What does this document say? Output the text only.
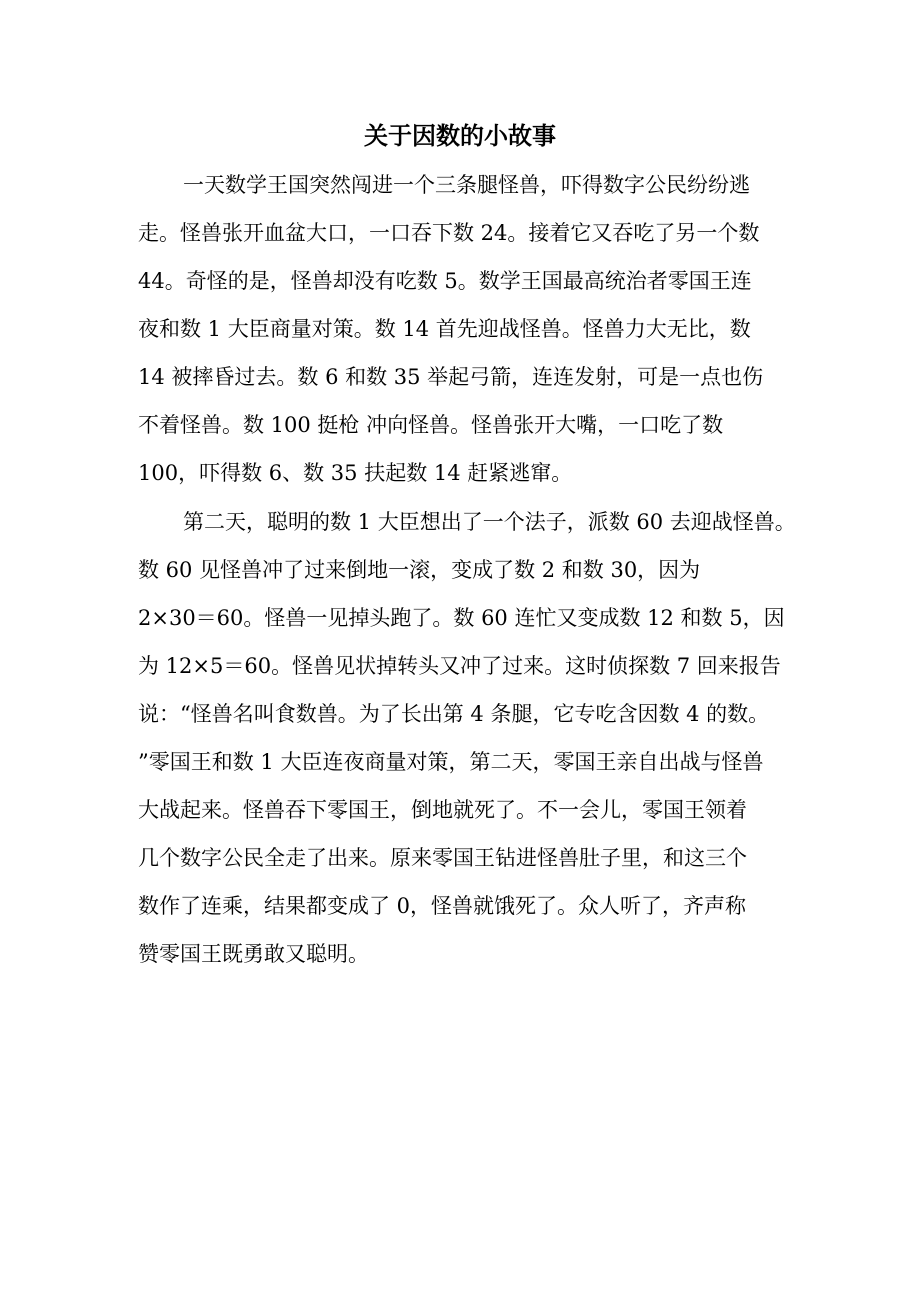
关于因数的小故事
一天数学王国突然闯进一个三条腿怪兽，吓得数字公民纷纷逃
走。怪兽张开血盆大口，一口吞下数 24。接着它又吞吃了另一个数
44。奇怪的是，怪兽却没有吃数 5。数学王国最高统治者零国王连
夜和数 1 大臣商量对策。数 14 首先迎战怪兽。怪兽力大无比，数
14 被摔昏过去。数 6 和数 35 举起弓箭，连连发射，可是一点也伤
不着怪兽。数 100 挺枪 冲向怪兽。怪兽张开大嘴，一口吃了数
100，吓得数 6、数 35 扶起数 14 赶紧逃窜。
第二天，聪明的数 1 大臣想出了一个法子，派数 60 去迎战怪兽。
数 60 见怪兽冲了过来倒地一滚，变成了数 2 和数 30，因为
2×30＝60。怪兽一见掉头跑了。数 60 连忙又变成数 12 和数 5，因
为 12×5＝60。怪兽见状掉转头又冲了过来。这时侦探数 7 回来报告
说：“怪兽名叫食数兽。为了长出第 4 条腿，它专吃含因数 4 的数。
”零国王和数 1 大臣连夜商量对策，第二天，零国王亲自出战与怪兽
大战起来。怪兽吞下零国王，倒地就死了。不一会儿，零国王领着
几个数字公民全走了出来。原来零国王钻进怪兽肚子里，和这三个
数作了连乘，结果都变成了 0，怪兽就饿死了。众人听了，齐声称
赞零国王既勇敢又聪明。
